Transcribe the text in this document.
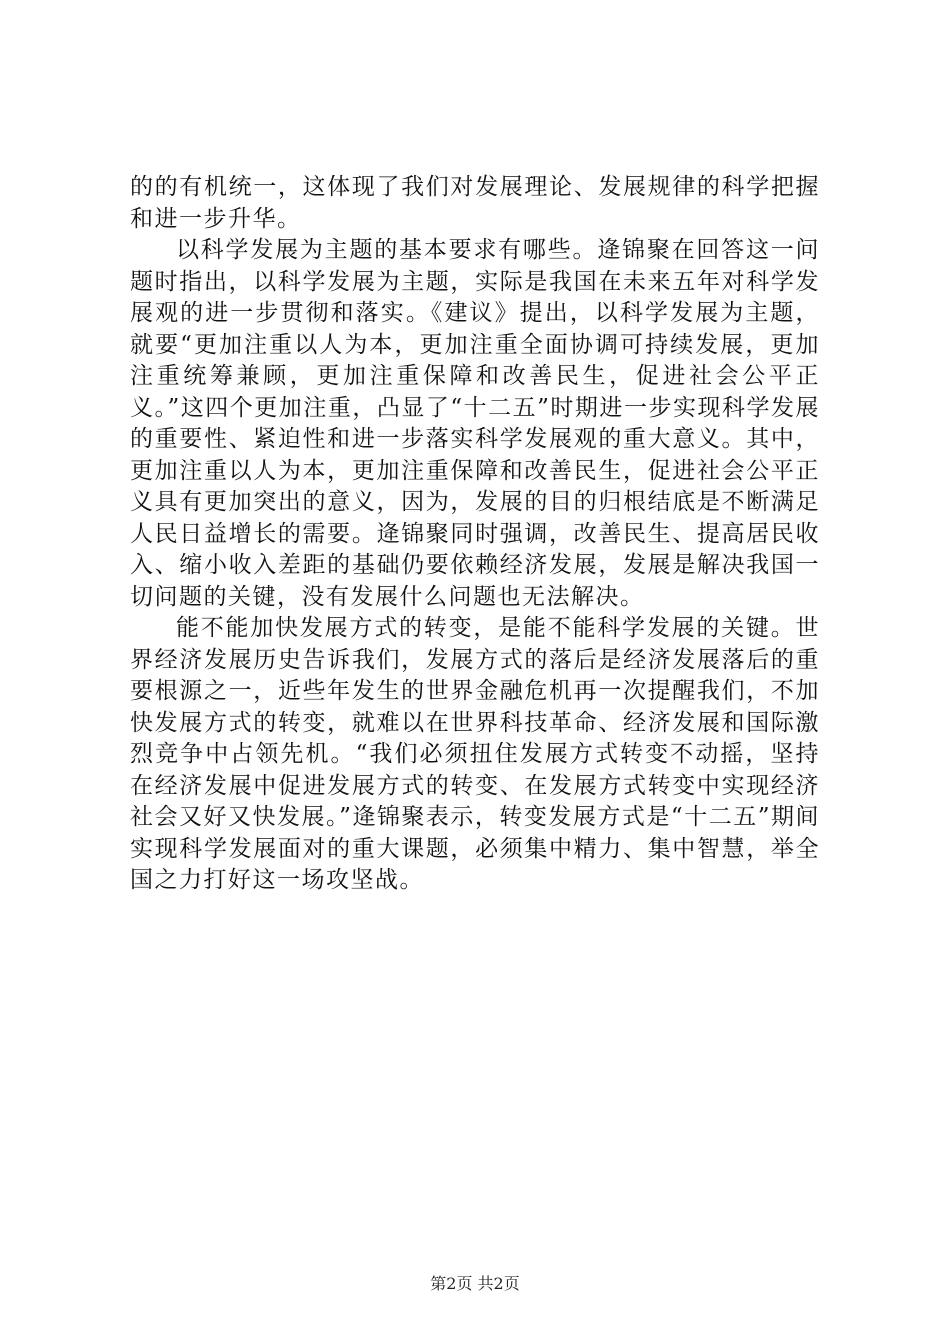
的的有机统一，这体现了我们对发展理论、发展规律的科学把握和进一步升华。

以科学发展为主题的基本要求有哪些。逄锦聚在回答这一问题时指出，以科学发展为主题，实际是我国在未来五年对科学发展观的进一步贯彻和落实。《建议》提出，以科学发展为主题，就要“更加注重以人为本，更加注重全面协调可持续发展，更加注重统筹兼顾，更加注重保障和改善民生，促进社会公平正义。”这四个更加注重，凸显了“十二五”时期进一步实现科学发展的重要性、紧迫性和进一步落实科学发展观的重大意义。其中，更加注重以人为本，更加注重保障和改善民生，促进社会公平正义具有更加突出的意义，因为，发展的目的归根结底是不断满足人民日益增长的需要。逄锦聚同时强调，改善民生、提高居民收入、缩小收入差距的基础仍要依赖经济发展，发展是解决我国一切问题的关键，没有发展什么问题也无法解决。

能不能加快发展方式的转变，是能不能科学发展的关键。世界经济发展历史告诉我们，发展方式的落后是经济发展落后的重要根源之一，近些年发生的世界金融危机再一次提醒我们，不加快发展方式的转变，就难以在世界科技革命、经济发展和国际激烈竞争中占领先机。“我们必须扭住发展方式转变不动摇，坚持在经济发展中促进发展方式的转变、在发展方式转变中实现经济社会又好又快发展。”逄锦聚表示，转变发展方式是“十二五”期间实现科学发展面对的重大课题，必须集中精力、集中智慧，举全国之力打好这一场攻坚战。

第2页 共2页
